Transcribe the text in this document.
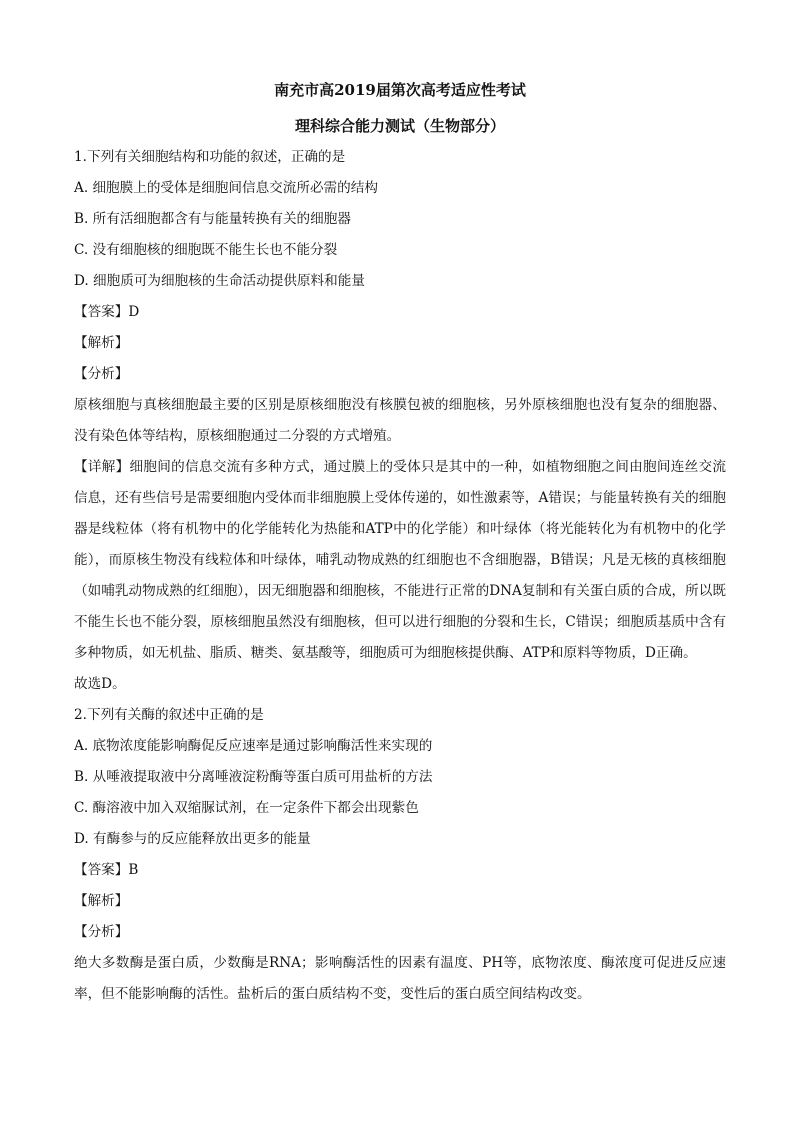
南充市高2019届第次高考适应性考试

理科综合能力测试（生物部分）

1.下列有关细胞结构和功能的叙述，正确的是

A. 细胞膜上的受体是细胞间信息交流所必需的结构

B. 所有活细胞都含有与能量转换有关的细胞器

C. 没有细胞核的细胞既不能生长也不能分裂

D. 细胞质可为细胞核的生命活动提供原料和能量

【答案】D

【解析】

【分析】

原核细胞与真核细胞最主要的区别是原核细胞没有核膜包被的细胞核，另外原核细胞也没有复杂的细胞器、没有染色体等结构，原核细胞通过二分裂的方式增殖。

【详解】细胞间的信息交流有多种方式，通过膜上的受体只是其中的一种，如植物细胞之间由胞间连丝交流信息，还有些信号是需要细胞内受体而非细胞膜上受体传递的，如性激素等，A错误；与能量转换有关的细胞器是线粒体（将有机物中的化学能转化为热能和ATP中的化学能）和叶绿体（将光能转化为有机物中的化学能），而原核生物没有线粒体和叶绿体，哺乳动物成熟的红细胞也不含细胞器，B错误；凡是无核的真核细胞（如哺乳动物成熟的红细胞），因无细胞器和细胞核，不能进行正常的DNA复制和有关蛋白质的合成，所以既不能生长也不能分裂，原核细胞虽然没有细胞核，但可以进行细胞的分裂和生长，C错误；细胞质基质中含有多种物质，如无机盐、脂质、糖类、氨基酸等，细胞质可为细胞核提供酶、ATP和原料等物质，D正确。

故选D。

2.下列有关酶的叙述中正确的是

A. 底物浓度能影响酶促反应速率是通过影响酶活性来实现的

B. 从唾液提取液中分离唾液淀粉酶等蛋白质可用盐析的方法

C. 酶溶液中加入双缩脲试剂，在一定条件下都会出现紫色

D. 有酶参与的反应能释放出更多的能量

【答案】B

【解析】

【分析】

绝大多数酶是蛋白质，少数酶是RNA；影响酶活性的因素有温度、PH等，底物浓度、酶浓度可促进反应速率，但不能影响酶的活性。盐析后的蛋白质结构不变，变性后的蛋白质空间结构改变。
